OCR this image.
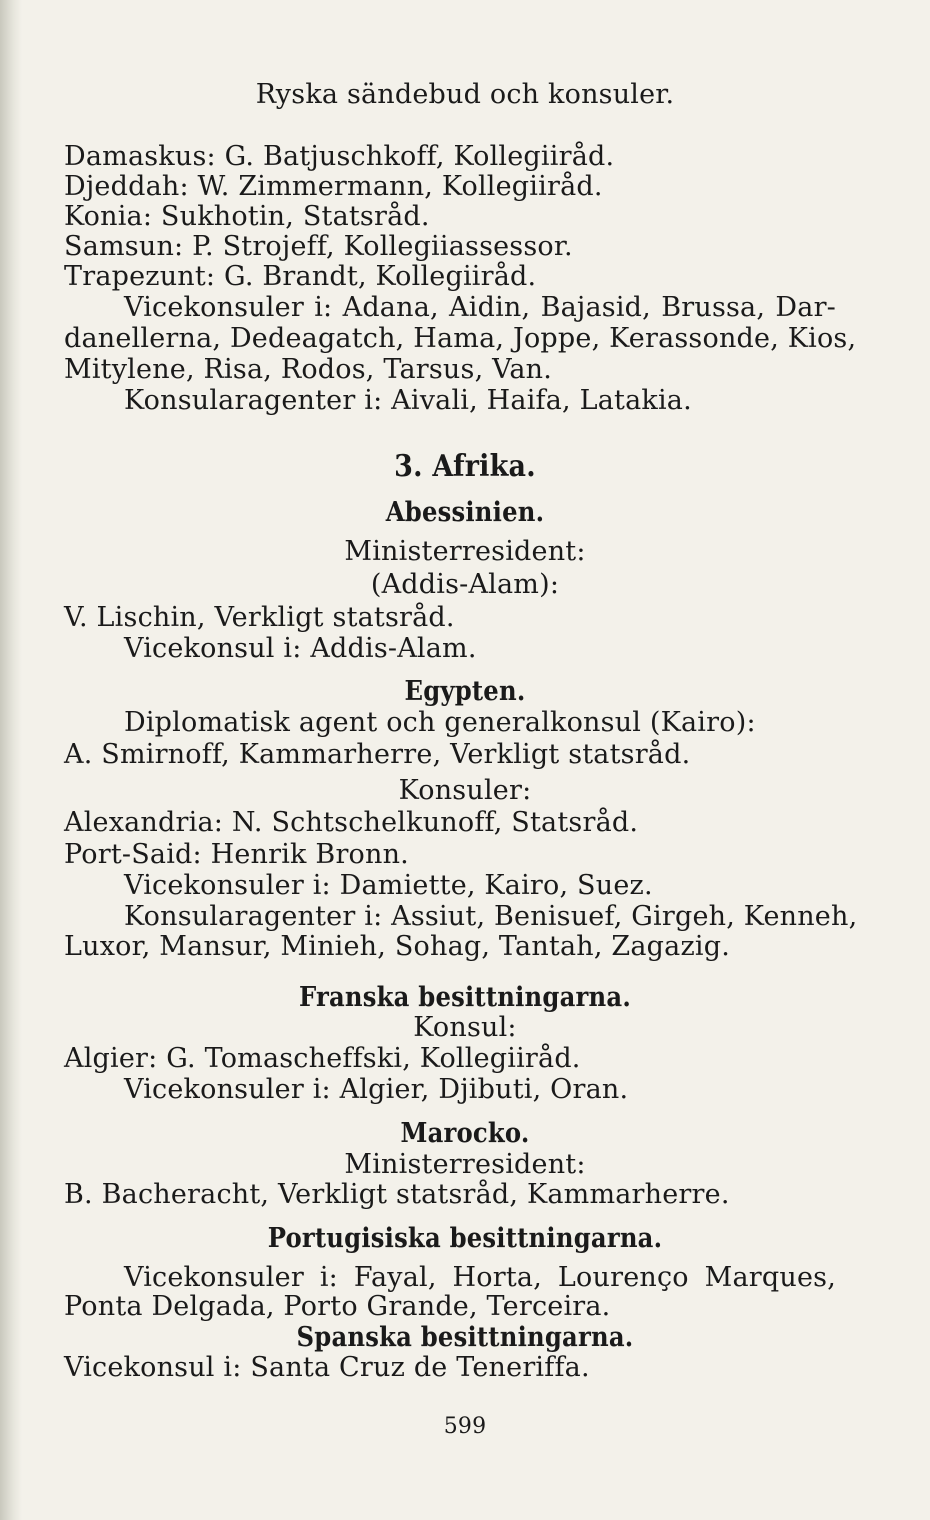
Ryska sändebud och konsuler.
Damaskus: G. Batjuschkoff, Kollegiiråd.
Djeddah: W. Zimmermann, Kollegiiråd.
Konia: Sukhotin, Statsråd.
Samsun: P. Strojeff, Kollegiiassessor.
Trapezunt: G. Brandt, Kollegiiråd.
Vicekonsuler i: Adana, Aidin, Bajasid, Brussa, Dar-
danellerna, Dedeagatch, Hama, Joppe, Kerassonde, Kios,
Mitylene, Risa, Rodos, Tarsus, Van.
Konsularagenter i: Aivali, Haifa, Latakia.
3. Afrika.
Abessinien.
Ministerresident:
(Addis-Alam):
V. Lischin, Verkligt statsråd.
Vicekonsul i: Addis-Alam.
Egypten.
Diplomatisk agent och generalkonsul (Kairo):
A. Smirnoff, Kammarherre, Verkligt statsråd.
Konsuler:
Alexandria: N. Schtschelkunoff, Statsråd.
Port-Said: Henrik Bronn.
Vicekonsuler i: Damiette, Kairo, Suez.
Konsularagenter i: Assiut, Benisuef, Girgeh, Kenneh,
Luxor, Mansur, Minieh, Sohag, Tantah, Zagazig.
Franska besittningarna.
Konsul:
Algier: G. Tomascheffski, Kollegiiråd.
Vicekonsuler i: Algier, Djibuti, Oran.
Marocko.
Ministerresident:
B. Bacheracht, Verkligt statsråd, Kammarherre.
Portugisiska besittningarna.
Vicekonsuler i: Fayal, Horta, Lourenço Marques,
Ponta Delgada, Porto Grande, Terceira.
Spanska besittningarna.
Vicekonsul i: Santa Cruz de Teneriffa.
599
